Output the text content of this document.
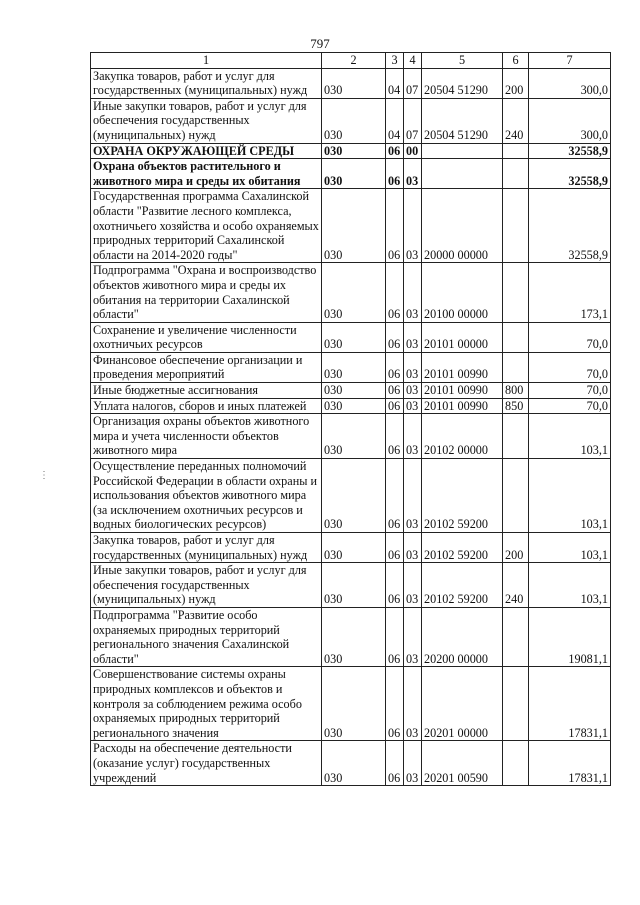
797
1	2	3	4	5	6	7
Закупка товаров, работ и услуг для государственных (муниципальных) нужд	030	04	07	20504 51290	200	300,0
Иные закупки товаров, работ и услуг для обеспечения государственных (муниципальных) нужд	030	04	07	20504 51290	240	300,0
ОХРАНА ОКРУЖАЮЩЕЙ СРЕДЫ	030	06	00			32558,9
Охрана объектов растительного и животного мира и среды их обитания	030	06	03			32558,9
Государственная программа Сахалинской области "Развитие лесного комплекса, охотничьего хозяйства и особо охраняемых природных территорий Сахалинской области на 2014-2020 годы"	030	06	03	20000 00000		32558,9
Подпрограмма "Охрана и воспроизводство объектов животного мира и среды их обитания на территории Сахалинской области"	030	06	03	20100 00000		173,1
Сохранение и увеличение численности охотничьих ресурсов	030	06	03	20101 00000		70,0
Финансовое обеспечение организации и проведения мероприятий	030	06	03	20101 00990		70,0
Иные бюджетные ассигнования	030	06	03	20101 00990	800	70,0
Уплата налогов, сборов и иных платежей	030	06	03	20101 00990	850	70,0
Организация охраны объектов животного мира и учета численности объектов животного мира	030	06	03	20102 00000		103,1
Осуществление переданных полномочий Российской Федерации в области охраны и использования объектов животного мира (за исключением охотничьих ресурсов и водных биологических ресурсов)	030	06	03	20102 59200		103,1
Закупка товаров, работ и услуг для государственных (муниципальных) нужд	030	06	03	20102 59200	200	103,1
Иные закупки товаров, работ и услуг для обеспечения государственных (муниципальных) нужд	030	06	03	20102 59200	240	103,1
Подпрограмма "Развитие особо охраняемых природных территорий регионального значения Сахалинской области"	030	06	03	20200 00000		19081,1
Совершенствование системы охраны природных комплексов и объектов и контроля за соблюдением режима особо охраняемых природных территорий регионального значения	030	06	03	20201 00000		17831,1
Расходы на обеспечение деятельности (оказание услуг) государственных учреждений	030	06	03	20201 00590		17831,1
⋮
